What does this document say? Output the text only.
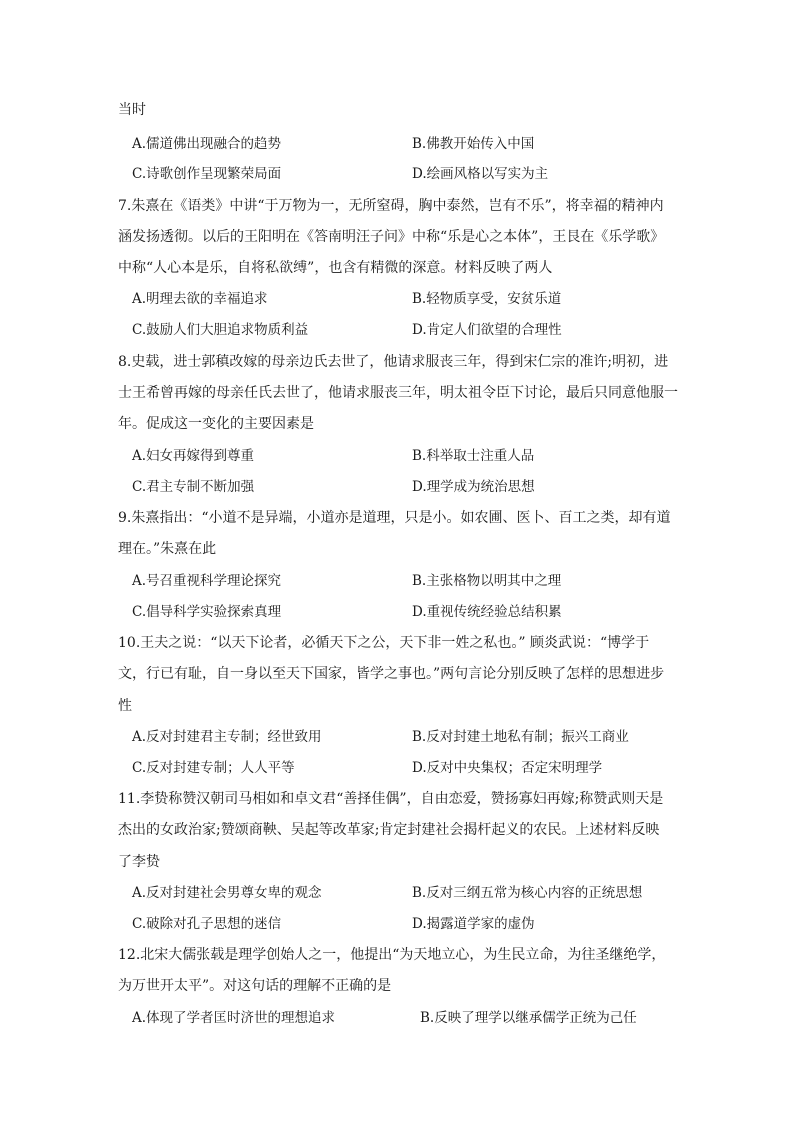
当时
A.儒道佛出现融合的趋势	B.佛教开始传入中国
C.诗歌创作呈现繁荣局面	D.绘画风格以写实为主
7.朱熹在《语类》中讲“于万物为一，无所窒碍，胸中泰然，岂有不乐”，将幸福的精神内
涵发扬透彻。以后的王阳明在《答南明汪子问》中称“乐是心之本体”，王艮在《乐学歌》
中称“人心本是乐，自将私欲缚”，也含有精微的深意。材料反映了两人
A.明理去欲的幸福追求	B.轻物质享受，安贫乐道
C.鼓励人们大胆追求物质利益	D.肯定人们欲望的合理性
8.史载，进士郭稹改嫁的母亲边氏去世了，他请求服丧三年，得到宋仁宗的准许;明初，进
士王希曾再嫁的母亲任氏去世了，他请求服丧三年，明太祖令臣下讨论，最后只同意他服一
年。促成这一变化的主要因素是
A.妇女再嫁得到尊重	B.科举取士注重人品
C.君主专制不断加强	D.理学成为统治思想
9.朱熹指出：“小道不是异端，小道亦是道理，只是小。如农圃、医卜、百工之类，却有道
理在。”朱熹在此
A.号召重视科学理论探究	B.主张格物以明其中之理
C.倡导科学实验探索真理	D.重视传统经验总结积累
10.王夫之说：“以天下论者，必循天下之公，天下非一姓之私也。” 顾炎武说：“博学于
文，行已有耻，自一身以至天下国家，皆学之事也。”两句言论分别反映了怎样的思想进步
性
A.反对封建君主专制；经世致用	B.反对封建土地私有制；振兴工商业
C.反对封建专制；人人平等	D.反对中央集权；否定宋明理学
11.李贽称赞汉朝司马相如和卓文君“善择佳偶”，自由恋爱，赞扬寡妇再嫁;称赞武则天是
杰出的女政治家;赞颂商鞅、吴起等改革家;肯定封建社会揭杆起义的农民。上述材料反映
了李贽
A.反对封建社会男尊女卑的观念	B.反对三纲五常为核心内容的正统思想
C.破除对孔子思想的迷信	D.揭露道学家的虚伪
12.北宋大儒张载是理学创始人之一，他提出“为天地立心，为生民立命，为往圣继绝学，
为万世开太平”。对这句话的理解不正确的是
A.体现了学者匡时济世的理想追求	B.反映了理学以继承儒学正统为己任
